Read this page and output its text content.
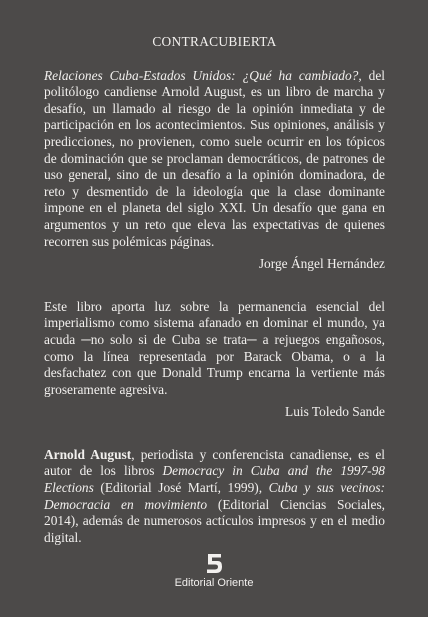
CONTRACUBIERTA

Relaciones Cuba-Estados Unidos: ¿Qué ha cambiado?, del politólogo candiense Arnold August, es un libro de marcha y desafío, un llamado al riesgo de la opinión inmediata y de participación en los acontecimientos. Sus opiniones, análisis y predicciones, no provienen, como suele ocurrir en los tópicos de dominación que se proclaman democráticos, de patrones de uso general, sino de un desafío a la opinión dominadora, de reto y desmentido de la ideología que la clase dominante impone en el planeta del siglo XXI. Un desafío que gana en argumentos y un reto que eleva las expectativas de quienes recorren sus polémicas páginas.

Jorge Ángel Hernández

Este libro aporta luz sobre la permanencia esencial del imperialismo como sistema afanado en dominar el mundo, ya acuda ─no solo si de Cuba se trata─ a rejuegos engañosos, como la línea representada por Barack Obama, o a la desfachatez con que Donald Trump encarna la vertiente más groseramente agresiva.

Luis Toledo Sande

Arnold August, periodista y conferencista canadiense, es el autor de los libros Democracy in Cuba and the 1997-98 Elections (Editorial José Martí, 1999), Cuba y sus vecinos: Democracia en movimiento (Editorial Ciencias Sociales, 2014), además de numerosos actículos impresos y en el medio digital.

Editorial Oriente
